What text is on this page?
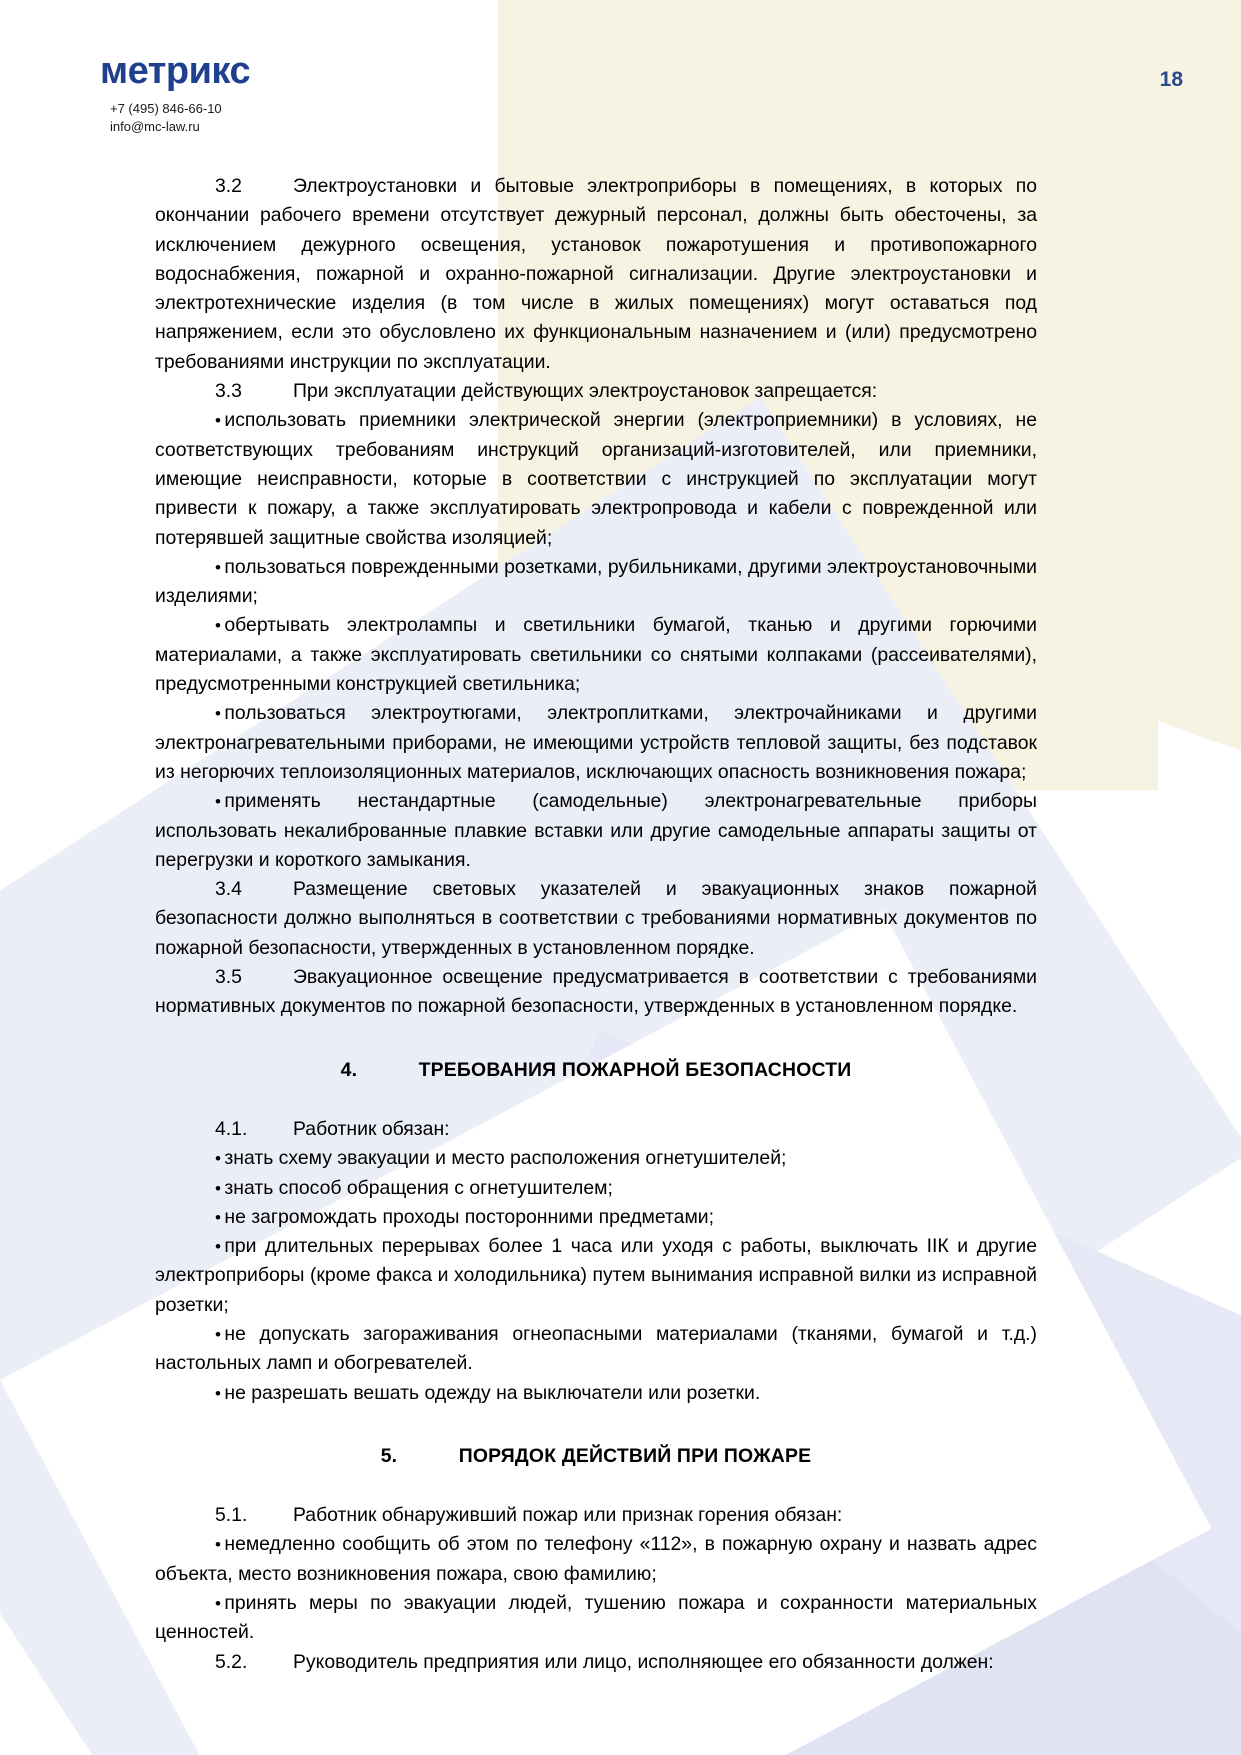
метрикс
+7 (495) 846-66-10
info@mc-law.ru
18

3.2	Электроустановки и бытовые электроприборы в помещениях, в которых по окончании рабочего времени отсутствует дежурный персонал, должны быть обесточены, за исключением дежурного освещения, установок пожаротушения и противопожарного водоснабжения, пожарной и охранно-пожарной сигнализации. Другие электроустановки и электротехнические изделия (в том числе в жилых помещениях) могут оставаться под напряжением, если это обусловлено их функциональным назначением и (или) предусмотрено требованиями инструкции по эксплуатации.

3.3	При эксплуатации действующих электроустановок запрещается:

• использовать приемники электрической энергии (электроприемники) в условиях, не соответствующих требованиям инструкций организаций-изготовителей, или приемники, имеющие неисправности, которые в соответствии с инструкцией по эксплуатации могут привести к пожару, а также эксплуатировать электропровода и кабели с поврежденной или потерявшей защитные свойства изоляцией;

• пользоваться поврежденными розетками, рубильниками, другими электроустановочными изделиями;

• обертывать электролампы и светильники бумагой, тканью и другими горючими материалами, а также эксплуатировать светильники со снятыми колпаками (рассеивателями), предусмотренными конструкцией светильника;

• пользоваться электроутюгами, электроплитками, электрочайниками и другими электронагревательными приборами, не имеющими устройств тепловой защиты, без подставок из негорючих теплоизоляционных материалов, исключающих опасность возникновения пожара;

• применять нестандартные (самодельные) электронагревательные приборы использовать некалиброванные плавкие вставки или другие самодельные аппараты защиты от перегрузки и короткого замыкания.

3.4	Размещение световых указателей и эвакуационных знаков пожарной безопасности должно выполняться в соответствии с требованиями нормативных документов по пожарной безопасности, утвержденных в установленном порядке.

3.5	Эвакуационное освещение предусматривается в соответствии с требованиями нормативных документов по пожарной безопасности, утвержденных в установленном порядке.

4.	ТРЕБОВАНИЯ ПОЖАРНОЙ БЕЗОПАСНОСТИ

4.1. Работник обязан:

• знать схему эвакуации и место расположения огнетушителей;

• знать способ обращения с огнетушителем;

• не загромождать проходы посторонними предметами;

• при длительных перерывах более 1 часа или уходя с работы, выключать IIК и другие электроприборы (кроме факса и холодильника) путем вынимания исправной вилки из исправной розетки;

• не допускать загораживания огнеопасными материалами (тканями, бумагой и т.д.) настольных ламп и обогревателей.

• не разрешать вешать одежду на выключатели или розетки.

5.	ПОРЯДОК ДЕЙСТВИЙ ПРИ ПОЖАРЕ

5.1. Работник обнаруживший пожар или признак горения обязан:

• немедленно сообщить об этом по телефону «112», в пожарную охрану и назвать адрес объекта, место возникновения пожара, свою фамилию;

• принять меры по эвакуации людей, тушению пожара и сохранности материальных ценностей.

5.2. Руководитель предприятия или лицо, исполняющее его обязанности должен:
